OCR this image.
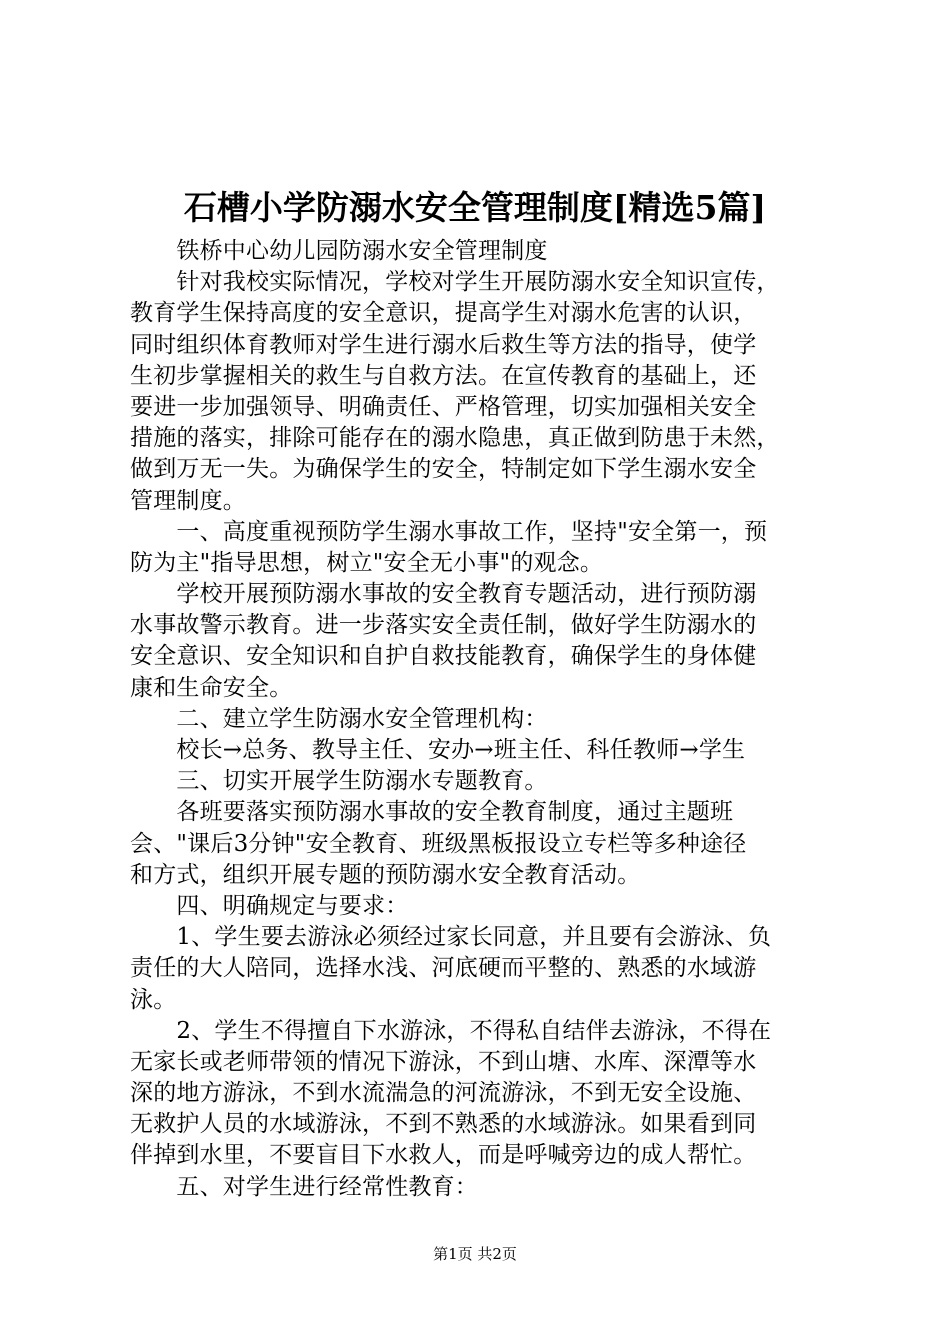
石槽小学防溺水安全管理制度[精选5篇]
　　铁桥中心幼儿园防溺水安全管理制度
　　针对我校实际情况，学校对学生开展防溺水安全知识宣传，
教育学生保持高度的安全意识，提高学生对溺水危害的认识，
同时组织体育教师对学生进行溺水后救生等方法的指导，使学
生初步掌握相关的救生与自救方法。在宣传教育的基础上，还
要进一步加强领导、明确责任、严格管理，切实加强相关安全
措施的落实，排除可能存在的溺水隐患，真正做到防患于未然，
做到万无一失。为确保学生的安全，特制定如下学生溺水安全
管理制度。
　　一、高度重视预防学生溺水事故工作，坚持"安全第一，预
防为主"指导思想，树立"安全无小事"的观念。
　　学校开展预防溺水事故的安全教育专题活动，进行预防溺
水事故警示教育。进一步落实安全责任制，做好学生防溺水的
安全意识、安全知识和自护自救技能教育，确保学生的身体健
康和生命安全。
　　二、建立学生防溺水安全管理机构：
　　校长→总务、教导主任、安办→班主任、科任教师→学生
　　三、切实开展学生防溺水专题教育。
　　各班要落实预防溺水事故的安全教育制度，通过主题班
会、"课后3分钟"安全教育、班级黑板报设立专栏等多种途径
和方式，组织开展专题的预防溺水安全教育活动。
　　四、明确规定与要求：
　　1、学生要去游泳必须经过家长同意，并且要有会游泳、负
责任的大人陪同，选择水浅、河底硬而平整的、熟悉的水域游
泳。
　　2、学生不得擅自下水游泳，不得私自结伴去游泳，不得在
无家长或老师带领的情况下游泳，不到山塘、水库、深潭等水
深的地方游泳，不到水流湍急的河流游泳，不到无安全设施、
无救护人员的水域游泳，不到不熟悉的水域游泳。如果看到同
伴掉到水里，不要盲目下水救人，而是呼喊旁边的成人帮忙。
　　五、对学生进行经常性教育：
第1页 共2页
